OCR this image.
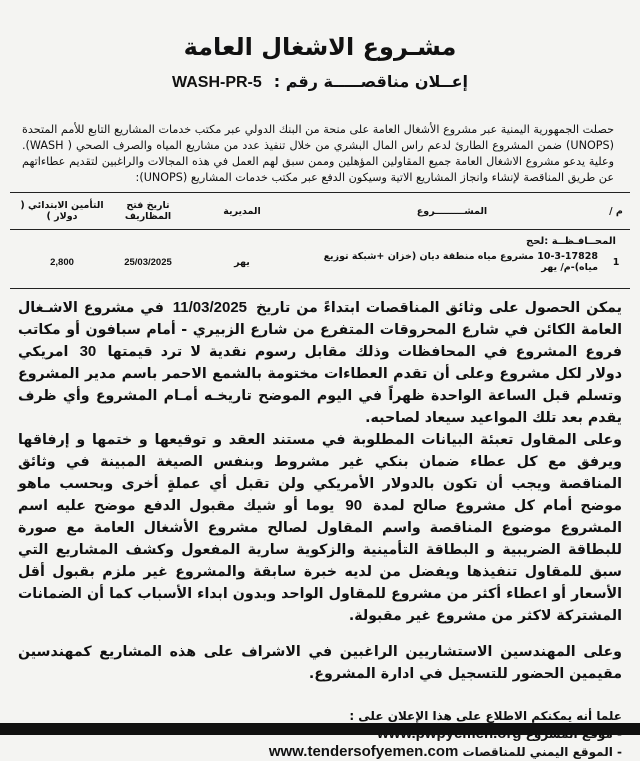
مشـروع الاشغال العامة
إعــلان مناقصـــــة رقم :
WASH-PR-5
حصلت الجمهورية اليمنية عبر مشروع الأشغال العامة على منحة من البنك الدولي عبر مكتب خدمات المشاريع التابع للأمم المتحدة (UNOPS) ضمن المشروع الطارئ لدعم راس المال البشري من خلال تنفيذ عدد من مشاريع المياه والصرف الصحي ( WASH). وعلية يدعو مشروع الاشغال العامة جميع المقاولين المؤهلين وممن سبق لهم العمل في هذه المجالات والراغبين لتقديم عطاءاتهم عن طريق المناقصة لإنشاء وانجاز المشاريع الاتية وسيكون الدفع عبر مكتب خدمات المشاريع (UNOPS):
م /
المشـــــــــروع
المديرية
تاريخ فتح المظاريف
التأمين الابتدائي ( دولار )
المحــافـظــة :لحج
1
10-3-17828 مشروع مياه منطقة ديان (خزان +شبكة توزيع مياه)-م/ يهر
يهر
25/03/2025
2,800

يمكن الحصول على وثائق المناقصات ابتداءً من تاريخ 11/03/2025 في مشروع الاشـغال العامة الكائن في شارع المحروقات المتفرع من شارع الزبيري - أمام سبافون أو مكاتب فروع المشروع في المحافظات وذلك مقابل رسوم نقدية لا ترد قيمتها 30 امريكي دولار لكل مشروع وعلى أن تقدم العطاءات مختومة بالشمع الاحمر باسم مدير المشروع وتسلم قبل الساعة الواحدة ظهراً في اليوم الموضح تاريخـه أمـام المشروع وأي ظرف يقدم بعد تلك المواعيد سيعاد لصاحبه.

وعلى المقاول تعبئة البيانات المطلوبة في مستند العقد و توقيعها و ختمها و إرفاقها ويرفق مع كل عطاء ضمان بنكي غير مشروط وبنفس الصيغة المبينة في وثائق المناقصة ويجب أن تكون بالدولار الأمريكي ولن تقبل أي عملةٍ أخرى وبحسب ماهو موضح أمام كل مشروع صالح لمدة 90 يوما أو شيك مقبول الدفع موضح عليه اسم المشروع موضوع المناقصة واسم المقاول لصالح مشروع الأشغال العامة مع صورة للبطاقة الضريبية و البطاقة التأمينية والزكوية سارية المفعول وكشف المشاريع التي سبق للمقاول تنفيذها ويفضل من لديه خبرة سابقة والمشروع غير ملزم بقبول أقل الأسعار أو اعطاء أكثر من مشروع للمقاول الواحد وبدون ابداء الأسباب كما أن الضمانات المشتركة لاكثر من مشروع غير مقبولة.

وعلى المهندسين الاستشاريين الراغبين في الاشراف على هذه المشاريع كمهندسين مقيمين الحضور للتسجيل في ادارة المشروع.

علما أنه يمكنكم الاطلاع على هذا الإعلان على :
- الموقع اليمني للمناقصات www.tendersofyemen.com
